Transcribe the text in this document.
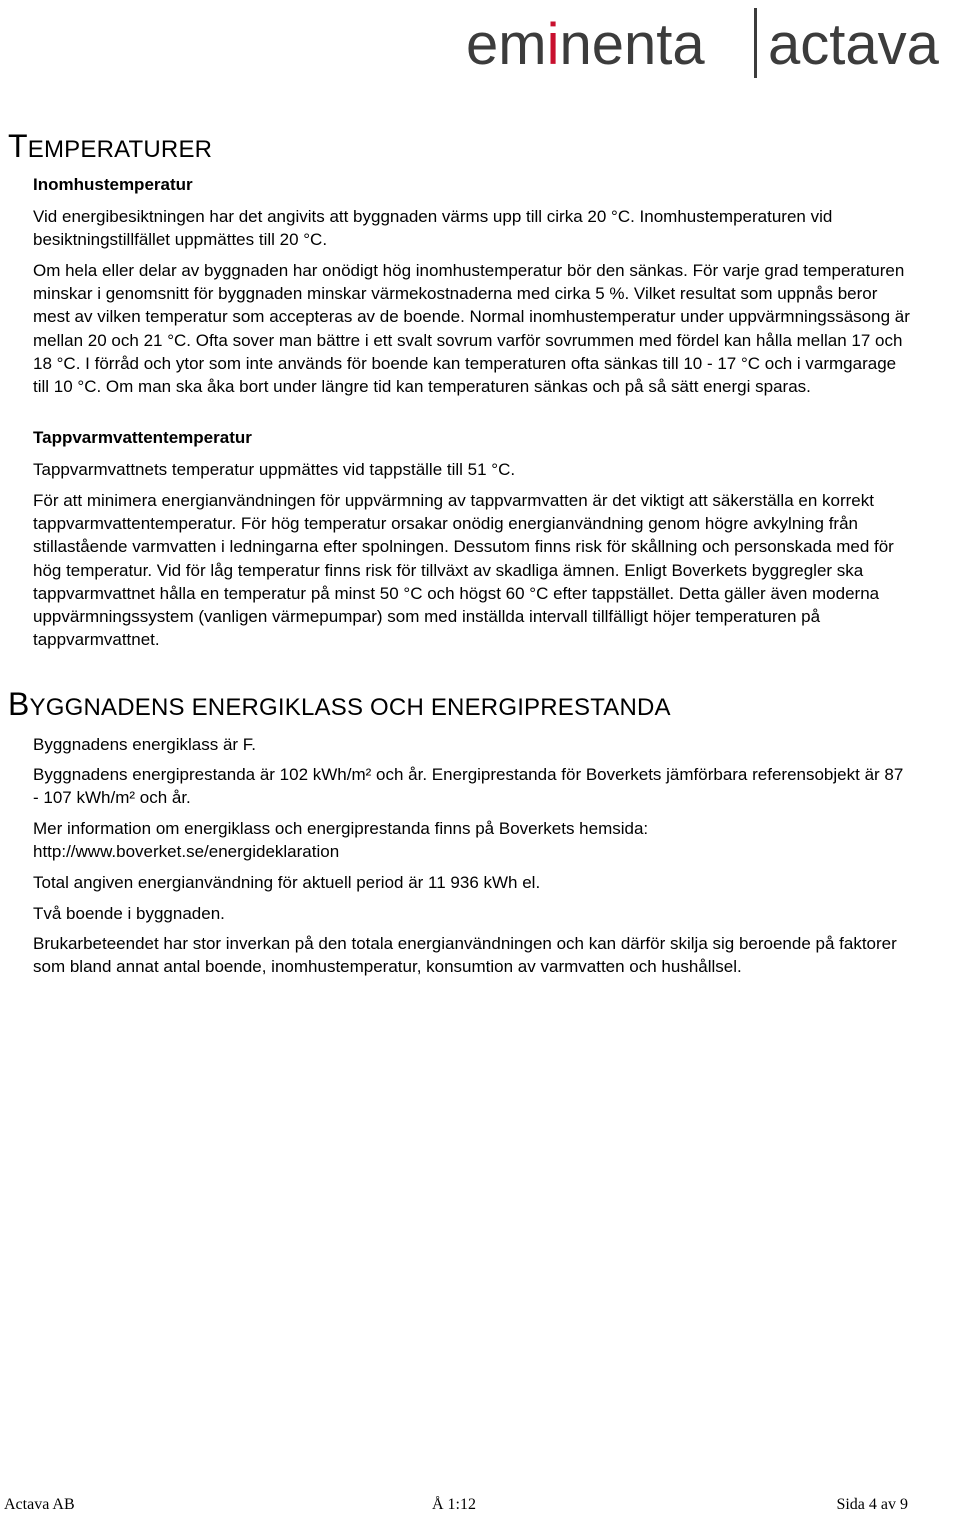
eminenta actava
TEMPERATURER
Inomhustemperatur

Vid energibesiktningen har det angivits att byggnaden värms upp till cirka 20 °C. Inomhustemperaturen vid besiktningstillfället uppmättes till 20 °C.

Om hela eller delar av byggnaden har onödigt hög inomhustemperatur bör den sänkas. För varje grad temperaturen minskar i genomsnitt för byggnaden minskar värmekostnaderna med cirka 5 %. Vilket resultat som uppnås beror mest av vilken temperatur som accepteras av de boende. Normal inomhustemperatur under uppvärmningssäsong är mellan 20 och 21 °C. Ofta sover man bättre i ett svalt sovrum varför sovrummen med fördel kan hålla mellan 17 och 18 °C. I förråd och ytor som inte används för boende kan temperaturen ofta sänkas till 10 - 17 °C och i varmgarage till 10 °C. Om man ska åka bort under längre tid kan temperaturen sänkas och på så sätt energi sparas.

Tappvarmvattentemperatur

Tappvarmvattnets temperatur uppmättes vid tappställe till 51 °C.

För att minimera energianvändningen för uppvärmning av tappvarmvatten är det viktigt att säkerställa en korrekt tappvarmvattentemperatur. För hög temperatur orsakar onödig energianvändning genom högre avkylning från stillastående varmvatten i ledningarna efter spolningen. Dessutom finns risk för skållning och personskada med för hög temperatur. Vid för låg temperatur finns risk för tillväxt av skadliga ämnen. Enligt Boverkets byggregler ska tappvarmvattnet hålla en temperatur på minst 50 °C och högst 60 °C efter tappstället. Detta gäller även moderna uppvärmningssystem (vanligen värmepumpar) som med inställda intervall tillfälligt höjer temperaturen på tappvarmvattnet.

BYGGNADENS ENERGIKLASS OCH ENERGIPRESTANDA

Byggnadens energiklass är F.

Byggnadens energiprestanda är 102 kWh/m² och år. Energiprestanda för Boverkets jämförbara referensobjekt är 87 - 107 kWh/m² och år.

Mer information om energiklass och energiprestanda finns på Boverkets hemsida: http://www.boverket.se/energideklaration

Total angiven energianvändning för aktuell period är 11 936 kWh el.

Två boende i byggnaden.

Brukarbeteendet har stor inverkan på den totala energianvändningen och kan därför skilja sig beroende på faktorer som bland annat antal boende, inomhustemperatur, konsumtion av varmvatten och hushållsel.

Actava AB	Å 1:12	Sida 4 av 9
